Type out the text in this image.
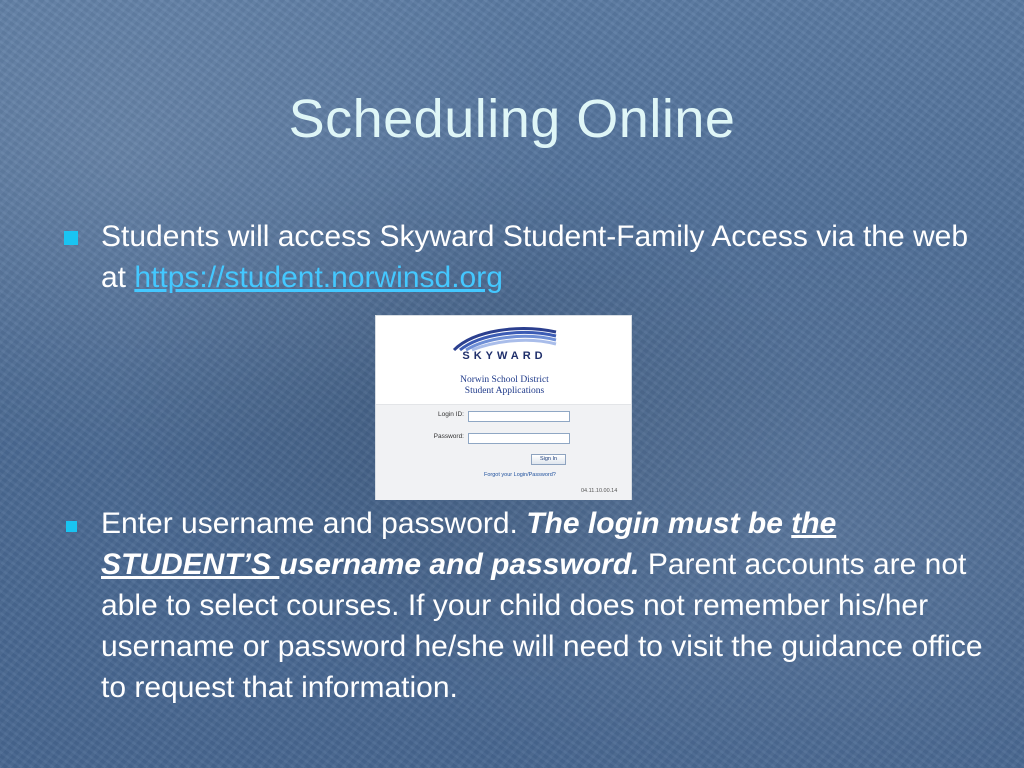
Scheduling Online
Students will access Skyward Student-Family Access via the web at https://student.norwinsd.org
SKYWARD
Norwin School District
Student Applications
Login ID:
Password:
Sign In
Forgot your Login/Password?
04.11.10.00.14
Enter username and password. The login must be the STUDENT’S username and password. Parent accounts are not able to select courses. If your child does not remember his/her username or password he/she will need to visit the guidance office to request that information.
